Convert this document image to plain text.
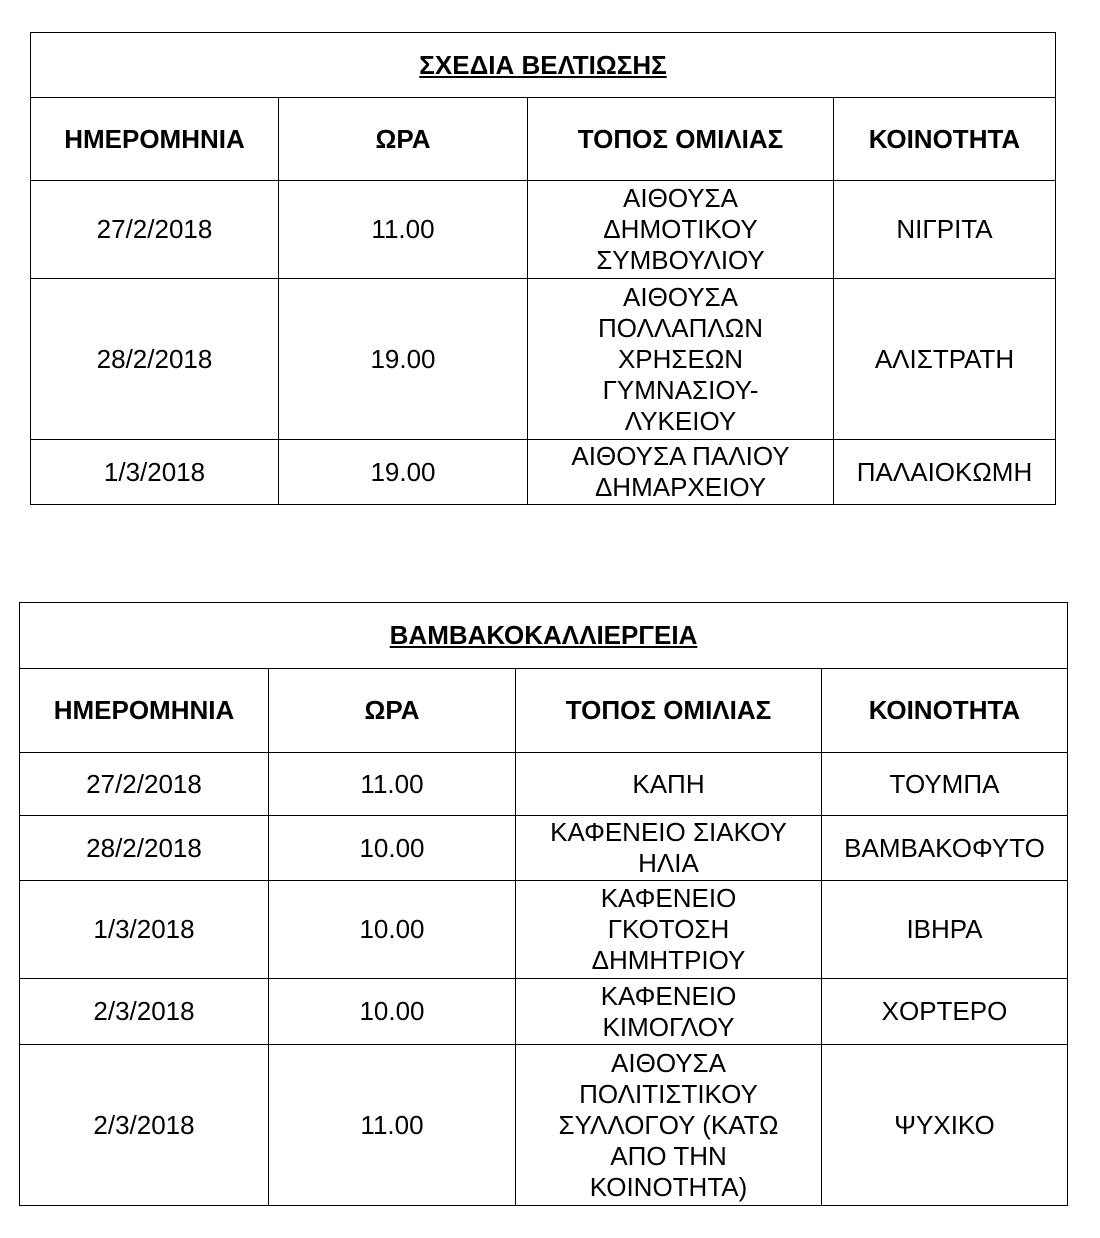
ΣΧΕΔΙΑ ΒΕΛΤΙΩΣΗΣ			
ΗΜΕΡΟΜΗΝΙΑ	ΩΡΑ	ΤΟΠΟΣ ΟΜΙΛΙΑΣ	ΚΟΙΝΟΤΗΤΑ
27/2/2018	11.00	ΑΙΘΟΥΣΑ ΔΗΜΟΤΙΚΟΥ ΣΥΜΒΟΥΛΙΟΥ	ΝΙΓΡΙΤΑ
28/2/2018	19.00	ΑΙΘΟΥΣΑ ΠΟΛΛΑΠΛΩΝ ΧΡΗΣΕΩΝ ΓΥΜΝΑΣΙΟΥ-ΛΥΚΕΙΟΥ	ΑΛΙΣΤΡΑΤΗ
1/3/2018	19.00	ΑΙΘΟΥΣΑ ΠΑΛΙΟΥ ΔΗΜΑΡΧΕΙΟΥ	ΠΑΛΑΙΟΚΩΜΗ
ΒΑΜΒΑΚΟΚΑΛΛΙΕΡΓΕΙΑ			
ΗΜΕΡΟΜΗΝΙΑ	ΩΡΑ	ΤΟΠΟΣ ΟΜΙΛΙΑΣ	ΚΟΙΝΟΤΗΤΑ
27/2/2018	11.00	ΚΑΠΗ	ΤΟΥΜΠΑ
28/2/2018	10.00	ΚΑΦΕΝΕΙΟ ΣΙΑΚΟΥ ΗΛΙΑ	ΒΑΜΒΑΚΟΦΥΤΟ
1/3/2018	10.00	ΚΑΦΕΝΕΙΟ ΓΚΟΤΟΣΗ ΔΗΜΗΤΡΙΟΥ	ΙΒΗΡΑ
2/3/2018	10.00	ΚΑΦΕΝΕΙΟ ΚΙΜΟΓΛΟΥ	ΧΟΡΤΕΡΟ
2/3/2018	11.00	ΑΙΘΟΥΣΑ ΠΟΛΙΤΙΣΤΙΚΟΥ ΣΥΛΛΟΓΟΥ (ΚΑΤΩ ΑΠΟ ΤΗΝ ΚΟΙΝΟΤΗΤΑ)	ΨΥΧΙΚΟ
